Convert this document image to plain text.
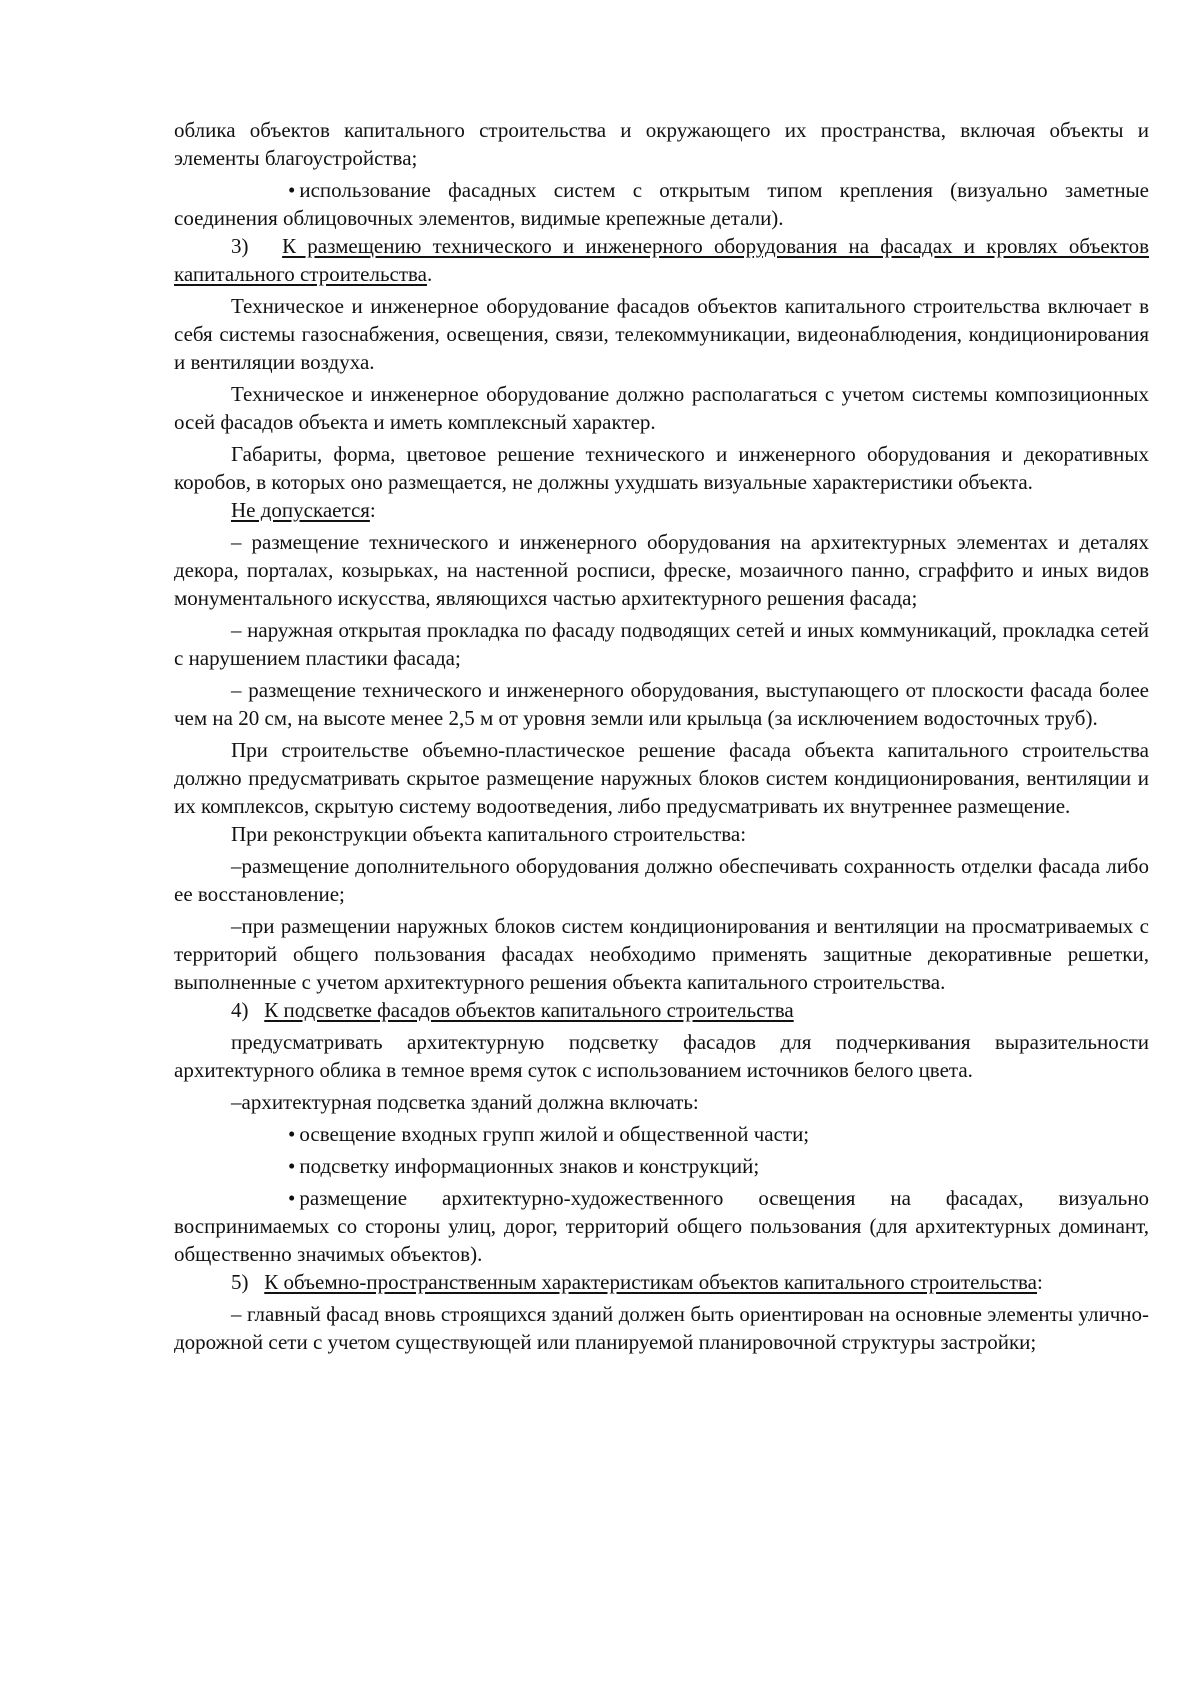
облика объектов капитального строительства и окружающего их пространства, включая объекты и элементы благоустройства;

• использование фасадных систем с открытым типом крепления (визуально заметные соединения облицовочных элементов, видимые крепежные детали).

3) К размещению технического и инженерного оборудования на фасадах и кровлях объектов капитального строительства.

Техническое и инженерное оборудование фасадов объектов капитального строительства включает в себя системы газоснабжения, освещения, связи, телекоммуникации, видеонаблюдения, кондиционирования и вентиляции воздуха.

Техническое и инженерное оборудование должно располагаться с учетом системы композиционных осей фасадов объекта и иметь комплексный характер.

Габариты, форма, цветовое решение технического и инженерного оборудования и декоративных коробов, в которых оно размещается, не должны ухудшать визуальные характеристики объекта.

Не допускается:

– размещение технического и инженерного оборудования на архитектурных элементах и деталях декора, порталах, козырьках, на настенной росписи, фреске, мозаичного панно, сграффито и иных видов монументального искусства, являющихся частью архитектурного решения фасада;

– наружная открытая прокладка по фасаду подводящих сетей и иных коммуникаций, прокладка сетей с нарушением пластики фасада;

– размещение технического и инженерного оборудования, выступающего от плоскости фасада более чем на 20 см, на высоте менее 2,5 м от уровня земли или крыльца (за исключением водосточных труб).

При строительстве объемно-пластическое решение фасада объекта капитального строительства должно предусматривать скрытое размещение наружных блоков систем кондиционирования, вентиляции и их комплексов, скрытую систему водоотведения, либо предусматривать их внутреннее размещение.

При реконструкции объекта капитального строительства:

–размещение дополнительного оборудования должно обеспечивать сохранность отделки фасада либо ее восстановление;

–при размещении наружных блоков систем кондиционирования и вентиляции на просматриваемых с территорий общего пользования фасадах необходимо применять защитные декоративные решетки, выполненные с учетом архитектурного решения объекта капитального строительства.

4) К подсветке фасадов объектов капитального строительства

предусматривать архитектурную подсветку фасадов для подчеркивания выразительности архитектурного облика в темное время суток с использованием источников белого цвета.

–архитектурная подсветка зданий должна включать:

• освещение входных групп жилой и общественной части;

• подсветку информационных знаков и конструкций;

• размещение архитектурно-художественного освещения на фасадах, визуально воспринимаемых со стороны улиц, дорог, территорий общего пользования (для архитектурных доминант, общественно значимых объектов).

5) К объемно-пространственным характеристикам объектов капитального строительства:

– главный фасад вновь строящихся зданий должен быть ориентирован на основные элементы улично-дорожной сети с учетом существующей или планируемой планировочной структуры застройки;
